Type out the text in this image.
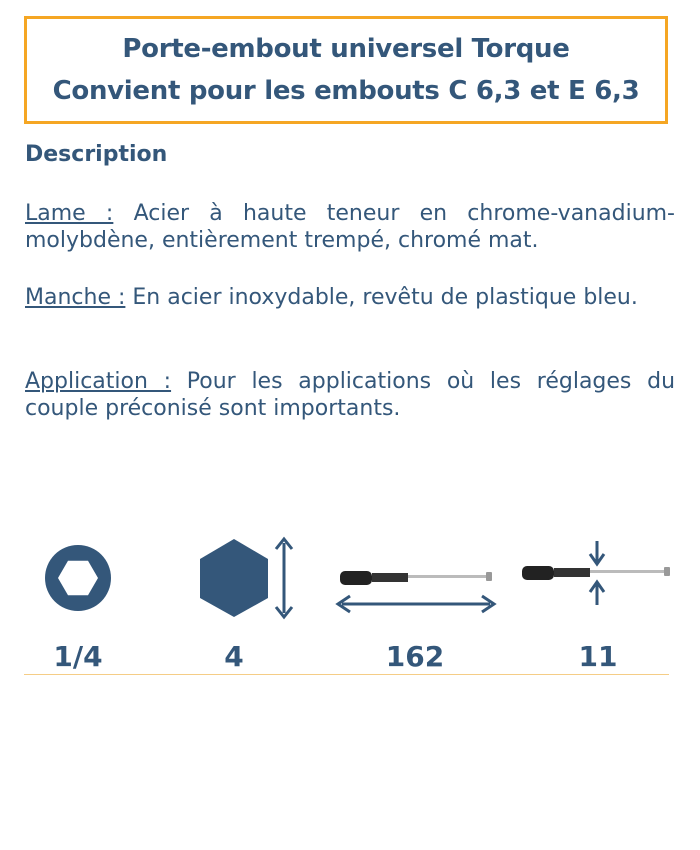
Porte-embout universel Torque
Convient pour les embouts C 6,3 et E 6,3
Description
Lame : Acier à haute teneur en chrome-vanadium-molybdène, entièrement trempé, chromé mat.
Manche : En acier inoxydable, revêtu de plastique bleu.
Application : Pour les applications où les réglages du couple préconisé sont importants.
1/4	4	162	11
